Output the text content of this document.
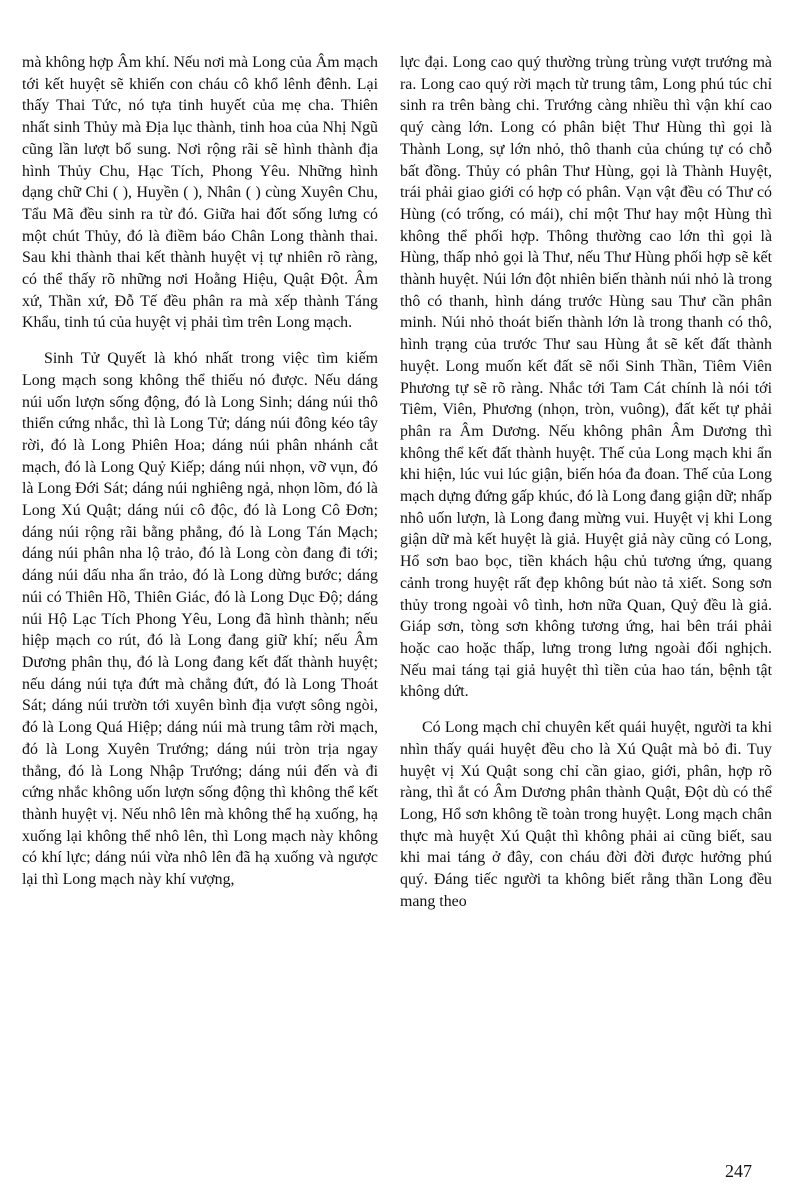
mà không hợp Âm khí. Nếu nơi mà Long của Âm mạch tới kết huyệt sẽ khiến con cháu cô khổ lênh đênh. Lại thấy Thai Tức, nó tựa tinh huyết của mẹ cha. Thiên nhất sinh Thủy mà Địa lục thành, tinh hoa của Nhị Ngũ cũng lần lượt bổ sung. Nơi rộng rãi sẽ hình thành địa hình Thủy Chu, Hạc Tích, Phong Yêu. Những hình dạng chữ Chi ( ), Huyền ( ), Nhân ( ) cùng Xuyên Chu, Tẩu Mã đều sinh ra từ đó. Giữa hai đốt sống lưng có một chút Thủy, đó là điềm báo Chân Long thành thai. Sau khi thành thai kết thành huyệt vị tự nhiên rõ ràng, có thể thấy rõ những nơi Hoằng Hiệu, Quật Đột. Âm xứ, Thần xứ, Đỗ Tế đều phân ra mà xếp thành Táng Khẩu, tinh tú của huyệt vị phải tìm trên Long mạch.

Sinh Tử Quyết là khó nhất trong việc tìm kiếm Long mạch song không thể thiếu nó được. Nếu dáng núi uốn lượn sống động, đó là Long Sinh; dáng núi thô thiển cứng nhắc, thì là Long Tử; dáng núi đông kéo tây rời, đó là Long Phiên Hoa; dáng núi phân nhánh cắt mạch, đó là Long Quỷ Kiếp; dáng núi nhọn, vỡ vụn, đó là Long Đới Sát; dáng núi nghiêng ngả, nhọn lõm, đó là Long Xú Quật; dáng núi cô độc, đó là Long Cô Đơn; dáng núi rộng rãi bằng phẳng, đó là Long Tán Mạch; dáng núi phân nha lộ trảo, đó là Long còn đang đi tới; dáng núi dấu nha ẩn trảo, đó là Long dừng bước; dáng núi có Thiên Hồ, Thiên Giác, đó là Long Dục Độ; dáng núi Hộ Lạc Tích Phong Yêu, Long đã hình thành; nếu hiệp mạch co rút, đó là Long đang giữ khí; nếu Âm Dương phân thụ, đó là Long đang kết đất thành huyệt; nếu dáng núi tựa đứt mà chẳng đứt, đó là Long Thoát Sát; dáng núi trườn tới xuyên bình địa vượt sông ngòi, đó là Long Quá Hiệp; dáng núi mà trung tâm rời mạch, đó là Long Xuyên Trướng; dáng núi tròn trịa ngay thẳng, đó là Long Nhập Trướng; dáng núi đến và đi cứng nhắc không uốn lượn sống động thì không thể kết thành huyệt vị. Nếu nhô lên mà không thể hạ xuống, hạ xuống lại không thể nhô lên, thì Long mạch này không có khí lực; dáng núi vừa nhô lên đã hạ xuống và ngược lại thì Long mạch này khí vượng,

lực đại. Long cao quý thường trùng trùng vượt trướng mà ra. Long cao quý rời mạch từ trung tâm, Long phú túc chỉ sinh ra trên bàng chi. Trướng càng nhiều thì vận khí cao quý càng lớn. Long có phân biệt Thư Hùng thì gọi là Thành Long, sự lớn nhỏ, thô thanh của chúng tự có chỗ bất đồng. Thủy có phân Thư Hùng, gọi là Thành Huyệt, trái phải giao giới có hợp có phân. Vạn vật đều có Thư có Hùng (có trống, có mái), chỉ một Thư hay một Hùng thì không thể phối hợp. Thông thường cao lớn thì gọi là Hùng, thấp nhỏ gọi là Thư, nếu Thư Hùng phối hợp sẽ kết thành huyệt. Núi lớn đột nhiên biến thành núi nhỏ là trong thô có thanh, hình dáng trước Hùng sau Thư cần phân minh. Núi nhỏ thoát biến thành lớn là trong thanh có thô, hình trạng của trước Thư sau Hùng ắt sẽ kết đất thành huyệt. Long muốn kết đất sẽ nổi Sinh Thần, Tiêm Viên Phương tự sẽ rõ ràng. Nhắc tới Tam Cát chính là nói tới Tiêm, Viên, Phương (nhọn, tròn, vuông), đất kết tự phải phân ra Âm Dương. Nếu không phân Âm Dương thì không thể kết đất thành huyệt. Thế của Long mạch khi ẩn khi hiện, lúc vui lúc giận, biến hóa đa đoan. Thế của Long mạch dựng đứng gấp khúc, đó là Long đang giận dữ; nhấp nhô uốn lượn, là Long đang mừng vui. Huyệt vị khi Long giận dữ mà kết huyệt là giả. Huyệt giả này cũng có Long, Hổ sơn bao bọc, tiền khách hậu chủ tương ứng, quang cảnh trong huyệt rất đẹp không bút nào tả xiết. Song sơn thủy trong ngoài vô tình, hơn nữa Quan, Quỷ đều là giả. Giáp sơn, tòng sơn không tương ứng, hai bên trái phải hoặc cao hoặc thấp, lưng trong lưng ngoài đối nghịch. Nếu mai táng tại giả huyệt thì tiền của hao tán, bệnh tật không dứt.

Có Long mạch chỉ chuyên kết quái huyệt, người ta khi nhìn thấy quái huyệt đều cho là Xú Quật mà bỏ đi. Tuy huyệt vị Xú Quật song chỉ cần giao, giới, phân, hợp rõ ràng, thì ắt có Âm Dương phân thành Quật, Đột dù có thể Long, Hổ sơn không tề toàn trong huyệt. Long mạch chân thực mà huyệt Xú Quật thì không phải ai cũng biết, sau khi mai táng ở đây, con cháu đời đời được hưởng phú quý. Đáng tiếc người ta không biết rằng thần Long đều mang theo

247
